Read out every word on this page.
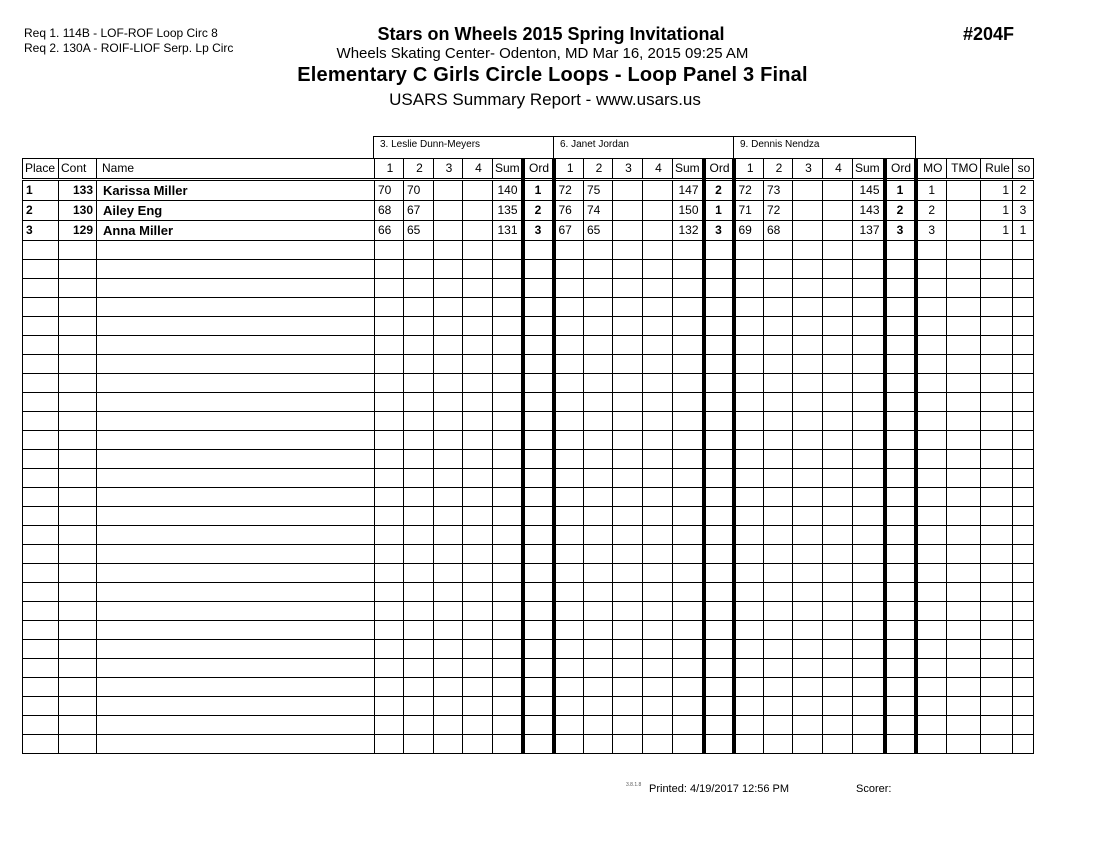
Req 1. 114B - LOF-ROF Loop Circ 8
Req 2. 130A - ROIF-LIOF Serp. Lp Circ
Stars on Wheels 2015 Spring Invitational
Wheels Skating Center- Odenton, MD Mar 16, 2015 09:25 AM
Elementary C Girls Circle Loops - Loop Panel 3 Final
USARS Summary Report - www.usars.us
#204F
3. Leslie Dunn-Meyers	6. Janet Jordan	9. Dennis Nendza
Place	Cont	Name	1	2	3	4	Sum	Ord	1	2	3	4	Sum	Ord	1	2	3	4	Sum	Ord	MO	TMO	Rule	so
1	133	Karissa Miller	70	70			140	1	72	75			147	2	72	73			145	1	1		1	2
2	130	Ailey Eng	68	67			135	2	76	74			150	1	71	72			143	2	2		1	3
3	129	Anna Miller	66	65			131	3	67	65			132	3	69	68			137	3	3		1	1

3.8.1.8 Printed: 4/19/2017 12:56 PM	Scorer:
